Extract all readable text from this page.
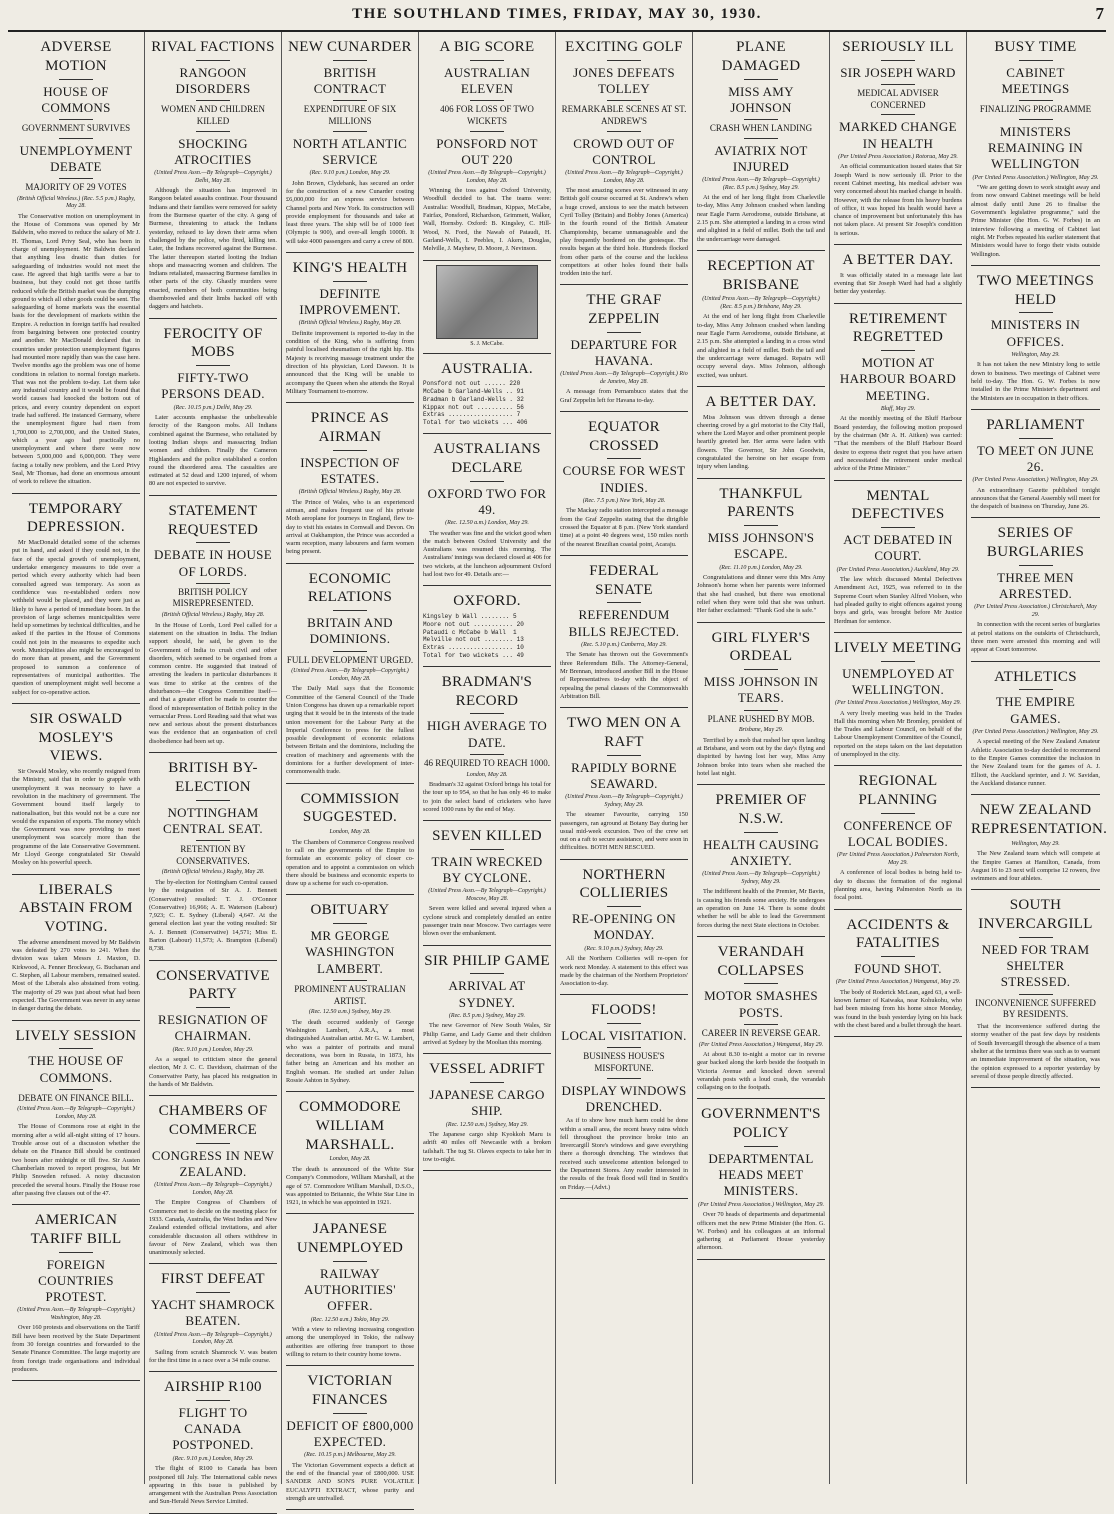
THE SOUTHLAND TIMES, FRIDAY, MAY 30, 1930.	7
ADVERSE MOTION
HOUSE OF COMMONS
GOVERNMENT SURVIVES
UNEMPLOYMENT DEBATE
MAJORITY OF 29 VOTES
(British Official Wireless.) (Rec. 5.5 p.m.) Rugby, May 28.

The Conservative motion on unemployment in the House of Commons was opened by Mr Baldwin, who moved to reduce the salary of Mr J. H. Thomas, Lord Privy Seal, who has been in charge of unemployment. Mr Baldwin declared that anything less drastic than duties for safeguarding of industries would not meet the case. He agreed that high tariffs were a bar to business, but they could not get those tariffs reduced while the British market was the dumping ground to which all other goods could be sent. The safeguarding of home markets was the essential basis for the development of markets within the Empire. A reduction in foreign tariffs had resulted from bargaining between one protected country and another. Mr MacDonald declared that in countries under protection unemployment figures had mounted more rapidly than was the case here. Twelve months ago the problem was one of home conditions in relation to normal foreign markets. That was not the problem to-day. Let them take any industrial country and it would be found that world causes had knocked the bottom out of prices, and every country dependent on export trade had suffered. He instanced Germany, where the unemployment figure had risen from 1,700,000 to 2,700,000, and the United States, which a year ago had practically no unemployment and where there were now between 5,000,000 and 6,000,000. They were facing a totally new problem, and the Lord Privy Seal, Mr Thomas, had done an enormous amount of work to relieve the situation.

TEMPORARY DEPRESSION.

Mr MacDonald detailed some of the schemes put in hand, and asked if they could not, in the face of the special growth of unemployment, undertake emergency measures to tide over a period which every authority which had been consulted agreed was temporary. As soon as confidence was re-established orders now withheld would be placed, and they were just as likely to have a period of immediate boom. In the provision of large schemes municipalities were held up sometimes by technical difficulties, and he asked if the parties in the House of Commons could not join in the measures to expedite such work. Municipalities also might be encouraged to do more than at present, and the Government proposed to summon a conference of representatives of municipal authorities. The question of unemployment might well become a subject for co-operative action.

SIR OSWALD MOSLEY'S VIEWS.

Sir Oswald Mosley, who recently resigned from the Ministry, said that in order to grapple with unemployment it was necessary to have a revolution in the machinery of government. The Government bound itself largely to nationalisation, but this would not be a cure nor would the expansion of exports. The money which the Government was now providing to meet unemployment was scarcely more than the programme of the late Conservative Government. Mr Lloyd George congratulated Sir Oswald Mosley on his powerful speech.

LIBERALS ABSTAIN FROM VOTING.

The adverse amendment moved by Mr Baldwin was defeated by 270 votes to 241. When the division was taken Messrs J. Maxton, D. Kirkwood, A. Fenner Brockway, G. Buchanan and C. Stephen, all Labour members, remained seated. Most of the Liberals also abstained from voting. The majority of 29 was just about what had been expected. The Government was never in any sense in danger during the debate.

LIVELY SESSION
THE HOUSE OF COMMONS.
DEBATE ON FINANCE BILL.
(United Press Assn.—By Telegraph—Copyright.) London, May 28.

The House of Commons rose at eight in the morning after a wild all-night sitting of 17 hours. Trouble arose out of a discussion whether the debate on the Finance Bill should be continued two hours after midnight or till five. Sir Austen Chamberlain moved to report progress, but Mr Philip Snowden refused. A noisy discussion preceded the several hours. Finally the House rose after passing five clauses out of the 47.

AMERICAN TARIFF BILL
FOREIGN COUNTRIES PROTEST.
(United Press Assn.—By Telegraph—Copyright.) Washington, May 28.

Over 160 protests and observations on the Tariff Bill have been received by the State Department from 30 foreign countries and forwarded to the Senate Finance Committee. The large majority are from foreign trade organisations and individual producers.

RIVAL FACTIONS
RANGOON DISORDERS
WOMEN AND CHILDREN KILLED
SHOCKING ATROCITIES
(United Press Assn.—By Telegraph—Copyright.) Delhi, May 28.

Although the situation has improved in Rangoon belated assaults continue. Four thousand Indians and their families were removed for safety from the Burmese quarter of the city. A gang of Burmese, threatening to attack the Indians yesterday, refused to lay down their arms when challenged by the police, who fired, killing ten. Later, the Indians recovered against the Burmese. The latter thereupon started looting the Indian shops and massacring women and children. The Indians retaliated, massacring Burmese families in other parts of the city. Ghastly murders were enacted, members of both communities being disemboweled and their limbs hacked off with daggers and hatchets.

FEROCITY OF MOBS
FIFTY-TWO PERSONS DEAD.
(Rec. 10.15 p.m.) Delhi, May 29.

Later accounts emphasise the unbelievable ferocity of the Rangoon mobs. All Indians combined against the Burmese, who retaliated by looting Indian shops and massacring Indian women and children. Finally the Cameron Highlanders and the police established a cordon round the disordered area. The casualties are estimated at 52 dead and 1200 injured, of whom 80 are not expected to survive.

STATEMENT REQUESTED
DEBATE IN HOUSE OF LORDS.
BRITISH POLICY MISREPRESENTED.
(British Official Wireless.) Rugby, May 28.

In the House of Lords, Lord Peel called for a statement on the situation in India. The Indian support should, he said, be given to the Government of India to crush civil and other disorders, which seemed to be organised from a common centre. He suggested that instead of arresting the leaders in particular disturbances it was time to strike at the centres of the disturbances—the Congress Committee itself—and that a greater effort be made to counter the flood of misrepresentation of British policy in the vernacular Press. Lord Reading said that what was new and serious about the present disturbances was the evidence that an organisation of civil disobedience had been set up.

BRITISH BY-ELECTION
NOTTINGHAM CENTRAL SEAT.
RETENTION BY CONSERVATIVES.
(British Official Wireless.) Rugby, May 28.

The by-election for Nottingham Central caused by the resignation of Sir A. J. Bennett (Conservative) resulted: T. J. O'Connor (Conservative) 16,966; A. E. Waterson (Labour) 7,923; C. E. Sydney (Liberal) 4,647. At the general election last year the voting resulted: Sir A. J. Bennett (Conservative) 14,571; Miss E. Barton (Labour) 11,573; A. Brampton (Liberal) 8,738.

CONSERVATIVE PARTY
RESIGNATION OF CHAIRMAN.
(Rec. 9.10 p.m.) London, May 29.

As a sequel to criticism since the general election, Mr J. C. C. Davidson, chairman of the Conservative Party, has placed his resignation in the hands of Mr Baldwin.

CHAMBERS OF COMMERCE
CONGRESS IN NEW ZEALAND.
(United Press Assn.—By Telegraph—Copyright.) London, May 28.

The Empire Congress of Chambers of Commerce met to decide on the meeting place for 1933. Canada, Australia, the West Indies and New Zealand extended official invitations, and after considerable discussion all others withdrew in favour of New Zealand, which was then unanimously selected.

FIRST DEFEAT
YACHT SHAMROCK BEATEN.
(United Press Assn.—By Telegraph—Copyright.) London, May 28.

Sailing from scratch Shamrock V. was beaten for the first time in a race over a 34 mile course.

AIRSHIP R100
FLIGHT TO CANADA POSTPONED.
(Rec. 9.10 p.m.) London, May 29.

The flight of R100 to Canada has been postponed till July. The International cable news appearing in this issue is published by arrangement with the Australian Press Association and Sun-Herald News Service Limited.

NEW CUNARDER
BRITISH CONTRACT
EXPENDITURE OF SIX MILLIONS
NORTH ATLANTIC SERVICE
(Rec. 9.10 p.m.) London, May 29.

John Brown, Clydebank, has secured an order for the construction of a new Cunarder costing £6,000,000 for an express service between Channel ports and New York. Its construction will provide employment for thousands and take at least three years. The ship will be of 1000 feet (Olympic is 900), and over-all length 1000ft. It will take 4000 passengers and carry a crew of 800.

KING'S HEALTH
DEFINITE IMPROVEMENT.
(British Official Wireless.) Rugby, May 28.

Definite improvement is reported to-day in the condition of the King, who is suffering from painful localised rheumatism of the right hip. His Majesty is receiving massage treatment under the direction of his physician, Lord Dawson. It is announced that the King will be unable to accompany the Queen when she attends the Royal Military Tournament to-morrow.

PRINCE AS AIRMAN
INSPECTION OF ESTATES.
(British Official Wireless.) Rugby, May 28.

The Prince of Wales, who is an experienced airman, and makes frequent use of his private Moth aeroplane for journeys in England, flew to-day to visit his estates in Cornwall and Devon. On arrival at Oakhampton, the Prince was accorded a warm reception, many labourers and farm women being present.

ECONOMIC RELATIONS
BRITAIN AND DOMINIONS.
FULL DEVELOPMENT URGED.
(United Press Assn.—By Telegraph—Copyright.) London, May 28.

The Daily Mail says that the Economic Committee of the General Council of the Trade Union Congress has drawn up a remarkable report urging that it would be in the interests of the trade union movement for the Labour Party at the Imperial Conference to press for the fullest possible development of economic relations between Britain and the dominions, including the creation of machinery and agreements with the dominions for a further development of inter-commonwealth trade.

COMMISSION SUGGESTED.
London, May 28.

The Chambers of Commerce Congress resolved to call on the governments of the Empire to formulate an economic policy of closer co-operation and to appoint a commission on which there should be business and economic experts to draw up a scheme for such co-operation.

OBITUARY
MR GEORGE WASHINGTON LAMBERT.
PROMINENT AUSTRALIAN ARTIST.
(Rec. 12.50 a.m.) Sydney, May 29.

The death occurred suddenly of George Washington Lambert, A.R.A., a most distinguished Australian artist. Mr G. W. Lambert, who was a painter of portraits and mural decorations, was born in Russia, in 1873, his father being an American and his mother an English woman. He studied art under Julian Rossie Ashton in Sydney.

COMMODORE WILLIAM MARSHALL.
London, May 28.

The death is announced of the White Star Company's Commodore, William Marshall, at the age of 57. Commodore William Marshall, D.S.O., was appointed to Britannic, the White Star Line in 1921, in which he was appointed in 1921.

JAPANESE UNEMPLOYED
RAILWAY AUTHORITIES' OFFER.
(Rec. 12.50 a.m.) Tokio, May 29.

With a view to relieving increasing congestion among the unemployed in Tokio, the railway authorities are offering free transport to those willing to return to their country home towns.

VICTORIAN FINANCES
DEFICIT OF £800,000 EXPECTED.
(Rec. 10.15 p.m.) Melbourne, May 29.

The Victorian Government expects a deficit at the end of the financial year of £800,000. USE SANDER AND SON'S PURE VOLATILE EUCALYPTI EXTRACT, whose purity and strength are unrivalled.

A BIG SCORE
AUSTRALIAN ELEVEN
406 FOR LOSS OF TWO WICKETS
PONSFORD NOT OUT 220
(United Press Assn.—By Telegraph—Copyright.) London, May 28.

Winning the toss against Oxford University, Woodfull decided to bat. The teams were: Australia: Woodfull, Bradman, Kippax, McCabe, Fairfax, Ponsford, Richardson, Grimmett, Walker, Wall, Hornsby. Oxford: B. Kingsley, C. Hill-Wood, N. Ford, the Nawab of Pataudi, H. Garland-Wells, I. Peebles, I. Akers, Douglas, Melville, J. Mayhew, D. Moore, J. Nevinson.

S. J. McCabe.
AUSTRALIA.
Ponsford not out ...... 220
McCabe b Garland-Wells .. 91
Bradman b Garland-Wells . 32
Kippax not out .......... 56
Extras .................. 7
Total for two wickets ... 406
AUSTRALIANS DECLARE
OXFORD TWO FOR 49.
(Rec. 12.50 a.m.) London, May 29.

The weather was fine and the wicket good when the match between Oxford University and the Australians was resumed this morning. The Australians' innings was declared closed at 406 for two wickets, at the luncheon adjournment Oxford had lost two for 49. Details are:—

OXFORD.
Kingsley b Wall ........ 5
Moore not out ........... 20
Pataudi c McCabe b Wall  1
Melville not out ........ 13
Extras .................. 10
Total for two wickets ... 49
BRADMAN'S RECORD
HIGH AVERAGE TO DATE.
46 REQUIRED TO REACH 1000.
London, May 28.

Bradman's 32 against Oxford brings his total for the tour up to 954, so that he has only 46 to make to join the select band of cricketers who have scored 1000 runs by the end of May.

SEVEN KILLED
TRAIN WRECKED BY CYCLONE.
(United Press Assn.—By Telegraph—Copyright.) Moscow, May 28.

Seven were killed and several injured when a cyclone struck and completely derailed an entire passenger train near Moscow. Two carriages were blown over the embankment.

SIR PHILIP GAME
ARRIVAL AT SYDNEY.
(Rec. 8.5 p.m.) Sydney, May 29.

The new Governor of New South Wales, Sir Philip Game, and Lady Game and their children arrived at Sydney by the Mooltan this morning.

VESSEL ADRIFT
JAPANESE CARGO SHIP.
(Rec. 12.50 a.m.) Sydney, May 29.

The Japanese cargo ship Kyokkoh Maru is adrift 40 miles off Newcastle with a broken tailshaft. The tug St. Olaves expects to take her in tow to-night.

EXCITING GOLF
JONES DEFEATS TOLLEY
REMARKABLE SCENES AT ST. ANDREW'S
CROWD OUT OF CONTROL
(United Press Assn.—By Telegraph—Copyright.) London, May 28.

The most amazing scenes ever witnessed in any British golf course occurred at St. Andrew's when a huge crowd, anxious to see the match between Cyril Tolley (Britain) and Bobby Jones (America) in the fourth round of the British Amateur Championship, became unmanageable and the play frequently bordered on the grotesque. The results began at the third hole. Hundreds flocked from other parts of the course and the luckless competitors at other holes found their balls trodden into the turf.

THE GRAF ZEPPELIN
DEPARTURE FOR HAVANA.
(United Press Assn.—By Telegraph—Copyright.) Rio de Janeiro, May 28.

A message from Pernambuco states that the Graf Zeppelin left for Havana to-day.

EQUATOR CROSSED
COURSE FOR WEST INDIES.
(Rec. 7.5 p.m.) New York, May 28.

The Mackay radio station intercepted a message from the Graf Zeppelin stating that the dirigible crossed the Equator at 8 p.m. (New York standard time) at a point 40 degrees west, 150 miles north of the nearest Brazilian coastal point, Acaraju.

FEDERAL SENATE
REFERENDUM BILLS REJECTED.
(Rec. 5.10 p.m.) Canberra, May 29.

The Senate has thrown out the Government's three Referendum Bills. The Attorney-General, Mr Brennan, introduced another Bill in the House of Representatives to-day with the object of repealing the penal clauses of the Commonwealth Arbitration Bill.

TWO MEN ON A RAFT
RAPIDLY BORNE SEAWARD.
(United Press Assn.—By Telegraph—Copyright.) Sydney, May 29.

The steamer Favourite, carrying 150 passengers, ran aground at Botany Bay during her usual mid-week excursion. Two of the crew set out on a raft to secure assistance, and were soon in difficulties. BOTH MEN RESCUED.

NORTHERN COLLIERIES
RE-OPENING ON MONDAY.
(Rec. 9.10 p.m.) Sydney, May 29.

All the Northern Collieries will re-open for work next Monday. A statement to this effect was made by the chairman of the Northern Proprietors' Association to-day.

FLOODS!
LOCAL VISITATION.
BUSINESS HOUSE'S MISFORTUNE.
DISPLAY WINDOWS DRENCHED.

As if to show how much harm could be done within a small area, the recent heavy rains which fell throughout the province broke into an Invercargill Store's windows and gave everything there a thorough drenching. The windows that received such unwelcome attention belonged to the Department Stores. Any reader interested in the results of the freak flood will find in Smith's on Friday.—(Advt.)

PLANE DAMAGED
MISS AMY JOHNSON
CRASH WHEN LANDING
AVIATRIX NOT INJURED
(United Press Assn.—By Telegraph—Copyright.) (Rec. 8.5 p.m.) Sydney, May 29.

At the end of her long flight from Charleville to-day, Miss Amy Johnson crashed when landing near Eagle Farm Aerodrome, outside Brisbane, at 2.15 p.m. She attempted a landing in a cross wind and alighted in a field of millet. Both the tail and the undercarriage were damaged.

RECEPTION AT BRISBANE
(United Press Assn.—By Telegraph—Copyright.) (Rec. 8.5 p.m.) Brisbane, May 29.

At the end of her long flight from Charleville to-day, Miss Amy Johnson crashed when landing near Eagle Farm Aerodrome, outside Brisbane, at 2.15 p.m. She attempted a landing in a cross wind and alighted in a field of millet. Both the tail and the undercarriage were damaged. Repairs will occupy several days. Miss Johnson, although excited, was unhurt.

A BETTER DAY.

Miss Johnson was driven through a dense cheering crowd by a girl motorist to the City Hall, where the Lord Mayor and other prominent people heartily greeted her. Her arms were laden with flowers. The Governor, Sir John Goodwin, congratulated the heroine on her escape from injury when landing.

THANKFUL PARENTS
MISS JOHNSON'S ESCAPE.
(Rec. 11.10 p.m.) London, May 29.

Congratulations and dinner were this Mrs Amy Johnson's home when her parents were informed that she had crashed, but there was emotional relief when they were told that she was unhurt. Her father exclaimed: "Thank God she is safe."

GIRL FLYER'S ORDEAL
MISS JOHNSON IN TEARS.
PLANE RUSHED BY MOB.
Brisbane, May 29.

Terrified by a mob that rushed her upon landing at Brisbane, and worn out by the day's flying and dispirited by having lost her way, Miss Amy Johnson broke into tears when she reached the hotel last night.

PREMIER OF N.S.W.
HEALTH CAUSING ANXIETY.
(United Press Assn.—By Telegraph—Copyright.) Sydney, May 29.

The indifferent health of the Premier, Mr Bavin, is causing his friends some anxiety. He undergoes an operation on June 14. There is some doubt whether he will be able to lead the Government forces during the next State elections in October.

VERANDAH COLLAPSES
MOTOR SMASHES POSTS.
CAREER IN REVERSE GEAR.
(Per United Press Association.) Wanganui, May 29.

At about 8.30 to-night a motor car in reverse gear backed along the kerb beside the footpath in Victoria Avenue and knocked down several verandah posts with a loud crash, the verandah collapsing on to the footpath.

GOVERNMENT'S POLICY
DEPARTMENTAL HEADS MEET MINISTERS.
(Per United Press Association.) Wellington, May 29.

Over 70 heads of departments and departmental officers met the new Prime Minister (the Hon. G. W. Forbes) and his colleagues at an informal gathering at Parliament House yesterday afternoon.

SERIOUSLY ILL
SIR JOSEPH WARD
MEDICAL ADVISER CONCERNED
MARKED CHANGE IN HEALTH
(Per United Press Association.) Rotorua, May 29.

An official communication issued states that Sir Joseph Ward is now seriously ill. Prior to the recent Cabinet meeting, his medical adviser was very concerned about his marked change in health. However, with the release from his heavy burdens of office, it was hoped his health would have a chance of improvement but unfortunately this has not taken place. At present Sir Joseph's condition is serious.

A BETTER DAY.

It was officially stated in a message late last evening that Sir Joseph Ward had had a slightly better day yesterday.

RETIREMENT REGRETTED
MOTION AT HARBOUR BOARD MEETING.
Bluff, May 29.

At the monthly meeting of the Bluff Harbour Board yesterday, the following motion proposed by the chairman (Mr A. H. Aitken) was carried: "That the members of the Bluff Harbour Board desire to express their regret that you have arisen and necessitated the retirement under medical advice of the Prime Minister."

MENTAL DEFECTIVES
ACT DEBATED IN COURT.
(Per United Press Association.) Auckland, May 29.

The law which discussed Mental Defectives Amendment Act, 1925, was referred to in the Supreme Court when Stanley Alfred Violsen, who had pleaded guilty to eight offences against young boys and girls, was brought before Mr Justice Herdman for sentence.

LIVELY MEETING
UNEMPLOYED AT WELLINGTON.
(Per United Press Association.) Wellington, May 29.

A very lively meeting was held in the Trades Hall this morning when Mr Bromley, president of the Trades and Labour Council, on behalf of the Labour Unemployment Committee of the Council, reported on the steps taken on the last deputation of unemployed in the city.

REGIONAL PLANNING
CONFERENCE OF LOCAL BODIES.
(Per United Press Association.) Palmerston North, May 29.

A conference of local bodies is being held to-day to discuss the formation of the regional planning area, having Palmerston North as its focal point.

ACCIDENTS & FATALITIES
FOUND SHOT.
(Per United Press Association.) Wanganui, May 29.

The body of Roderick McLean, aged 63, a well-known farmer of Kaiwaka, near Kohukohu, who had been missing from his home since Monday, was found in the bush yesterday lying on his back with the chest bared and a bullet through the heart.

BUSY TIME
CABINET MEETINGS
FINALIZING PROGRAMME
MINISTERS REMAINING IN WELLINGTON
(Per United Press Association.) Wellington, May 29.

"We are getting down to work straight away and from now onward Cabinet meetings will be held almost daily until June 26 to finalise the Government's legislative programme," said the Prime Minister (the Hon. G. W. Forbes) in an interview following a meeting of Cabinet last night. Mr Forbes repeated his earlier statement that Ministers would have to forgo their visits outside Wellington.

TWO MEETINGS HELD
MINISTERS IN OFFICES.
Wellington, May 29.

It has not taken the new Ministry long to settle down to business. Two meetings of Cabinet were held to-day. The Hon. G. W. Forbes is now installed in the Prime Minister's department and the Ministers are in occupation in their offices.

PARLIAMENT
TO MEET ON JUNE 26.
(Per United Press Association.) Wellington, May 29.

An extraordinary Gazette published tonight announces that the General Assembly will meet for the despatch of business on Thursday, June 26.

SERIES OF BURGLARIES
THREE MEN ARRESTED.
(Per United Press Association.) Christchurch, May 29.

In connection with the recent series of burglaries at petrol stations on the outskirts of Christchurch, three men were arrested this morning and will appear at Court tomorrow.

ATHLETICS
THE EMPIRE GAMES.
(Per United Press Association.) Wellington, May 29.

A special meeting of the New Zealand Amateur Athletic Association to-day decided to recommend to the Empire Games committee the inclusion in the New Zealand team for the games of A. J. Elliott, the Auckland sprinter, and J. W. Savidan, the Auckland distance runner.

NEW ZEALAND REPRESENTATION.
Wellington, May 29.

The New Zealand team which will compete at the Empire Games at Hamilton, Canada, from August 16 to 23 next will comprise 12 rowers, five swimmers and four athletes.

SOUTH INVERCARGILL
NEED FOR TRAM SHELTER STRESSED.
INCONVENIENCE SUFFERED BY RESIDENTS.

That the inconvenience suffered during the stormy weather of the past few days by residents of South Invercargill through the absence of a tram shelter at the terminus there was such as to warrant an immediate improvement of the situation, was the opinion expressed to a reporter yesterday by several of those people directly affected.
